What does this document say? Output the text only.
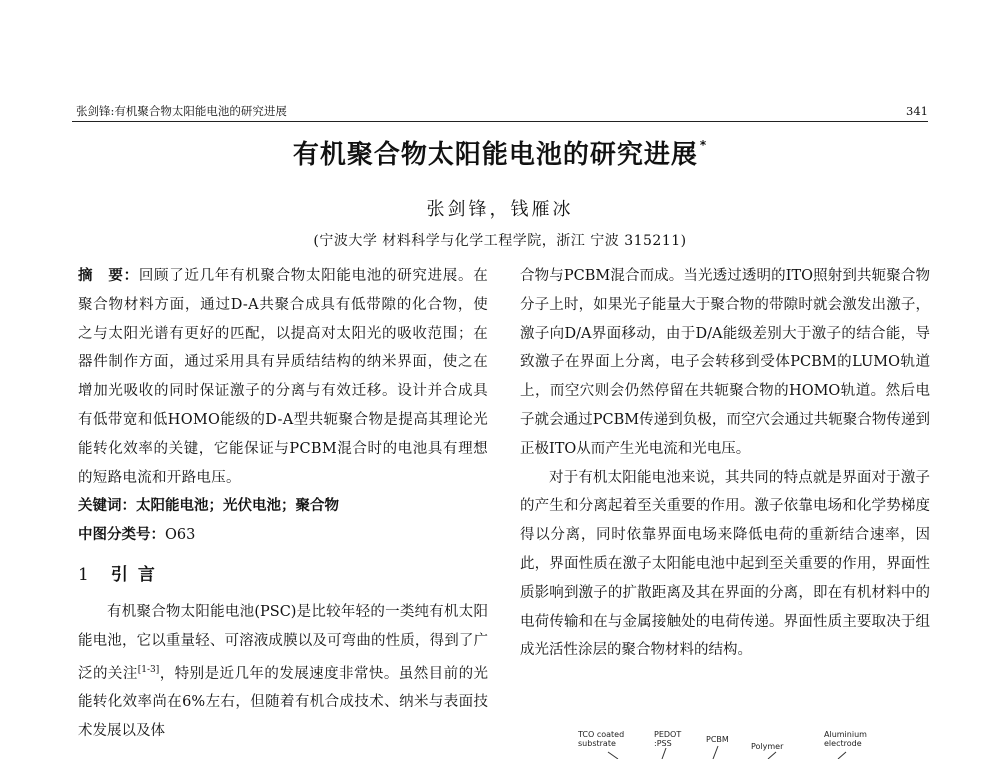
张剑锋:有机聚合物太阳能电池的研究进展	341
有机聚合物太阳能电池的研究进展 *
张剑锋，钱雁冰
(宁波大学 材料科学与化学工程学院，浙江 宁波 315211)

摘　要：回顾了近几年有机聚合物太阳能电池的研究进展。在聚合物材料方面，通过D-A共聚合成具有低带隙的化合物，使之与太阳光谱有更好的匹配，以提高对太阳光的吸收范围；在器件制作方面，通过采用具有异质结结构的纳米界面，使之在增加光吸收的同时保证激子的分离与有效迁移。设计并合成具有低带宽和低HOMO能级的D-A型共轭聚合物是提高其理论光能转化效率的关键，它能保证与PCBM混合时的电池具有理想的短路电流和开路电压。

关键词：太阳能电池；光伏电池；聚合物

中图分类号：O63

1 引言

有机聚合物太阳能电池(PSC)是比较年轻的一类纯有机太阳能电池，它以重量轻、可溶液成膜以及可弯曲的性质，得到了广泛的关注[1-3]，特别是近几年的发展速度非常快。虽然目前的光能转化效率尚在6%左右，但随着有机合成技术、纳米与表面技术发展以及体

合物与PCBM混合而成。当光透过透明的ITO照射到共轭聚合物分子上时，如果光子能量大于聚合物的带隙时就会激发出激子，激子向D/A界面移动，由于D/A能级差别大于激子的结合能，导致激子在界面上分离，电子会转移到受体PCBM的LUMO轨道上，而空穴则会仍然停留在共轭聚合物的HOMO轨道。然后电子就会通过PCBM传递到负极，而空穴会通过共轭聚合物传递到正极ITO从而产生光电流和光电压。

对于有机太阳能电池来说，其共同的特点就是界面对于激子的产生和分离起着至关重要的作用。激子依靠电场和化学势梯度得以分离，同时依靠界面电场来降低电荷的重新结合速率，因此，界面性质在激子太阳能电池中起到至关重要的作用，界面性质影响到激子的扩散距离及其在界面的分离，即在有机材料中的电荷传输和在与金属接触处的电荷传递。界面性质主要取决于组成光活性涂层的聚合物材料的结构。

TCO coated substrate
PEDOT :PSS	PCBM
Polymer
Aluminium electrode
